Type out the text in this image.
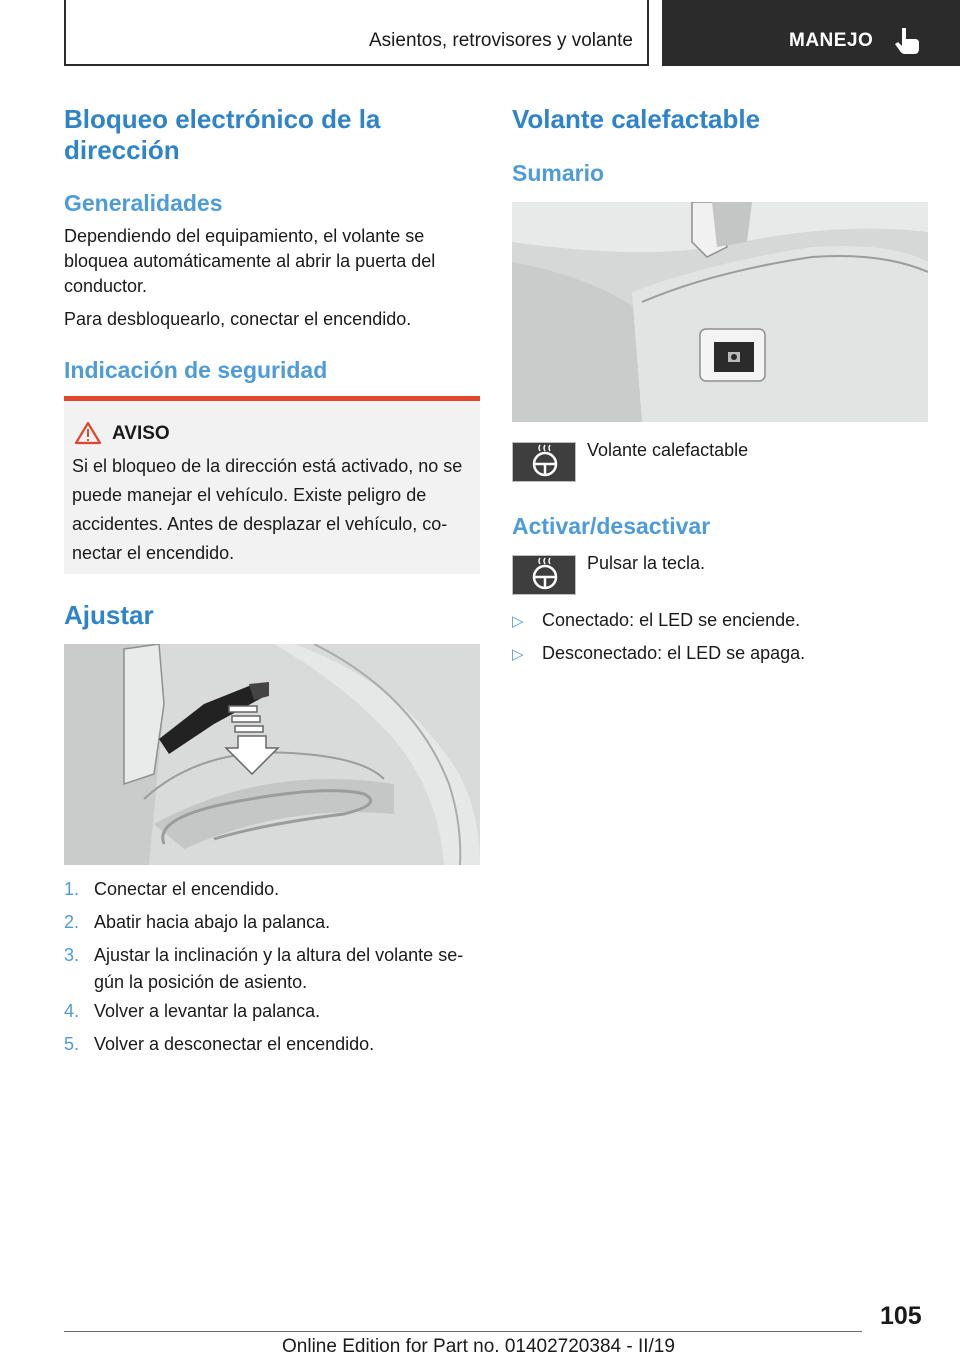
Asientos, retrovisores y volante	MANEJO
Bloqueo electrónico de la dirección
Generalidades
Dependiendo del equipamiento, el volante se bloquea automáticamente al abrir la puerta del conductor.
Para desbloquearlo, conectar el encendido.
Indicación de seguridad
AVISO
Si el bloqueo de la dirección está activado, no se puede manejar el vehículo. Existe peligro de accidentes. Antes de desplazar el vehículo, co-nectar el encendido.
Ajustar
1. Conectar el encendido.
2. Abatir hacia abajo la palanca.
3. Ajustar la inclinación y la altura del volante se-gún la posición de asiento.
4. Volver a levantar la palanca.
5. Volver a desconectar el encendido.
Volante calefactable
Sumario
Volante calefactable
Activar/desactivar
Pulsar la tecla.
▷ Conectado: el LED se enciende.
▷ Desconectado: el LED se apaga.
105
Online Edition for Part no. 01402720384 - II/19
